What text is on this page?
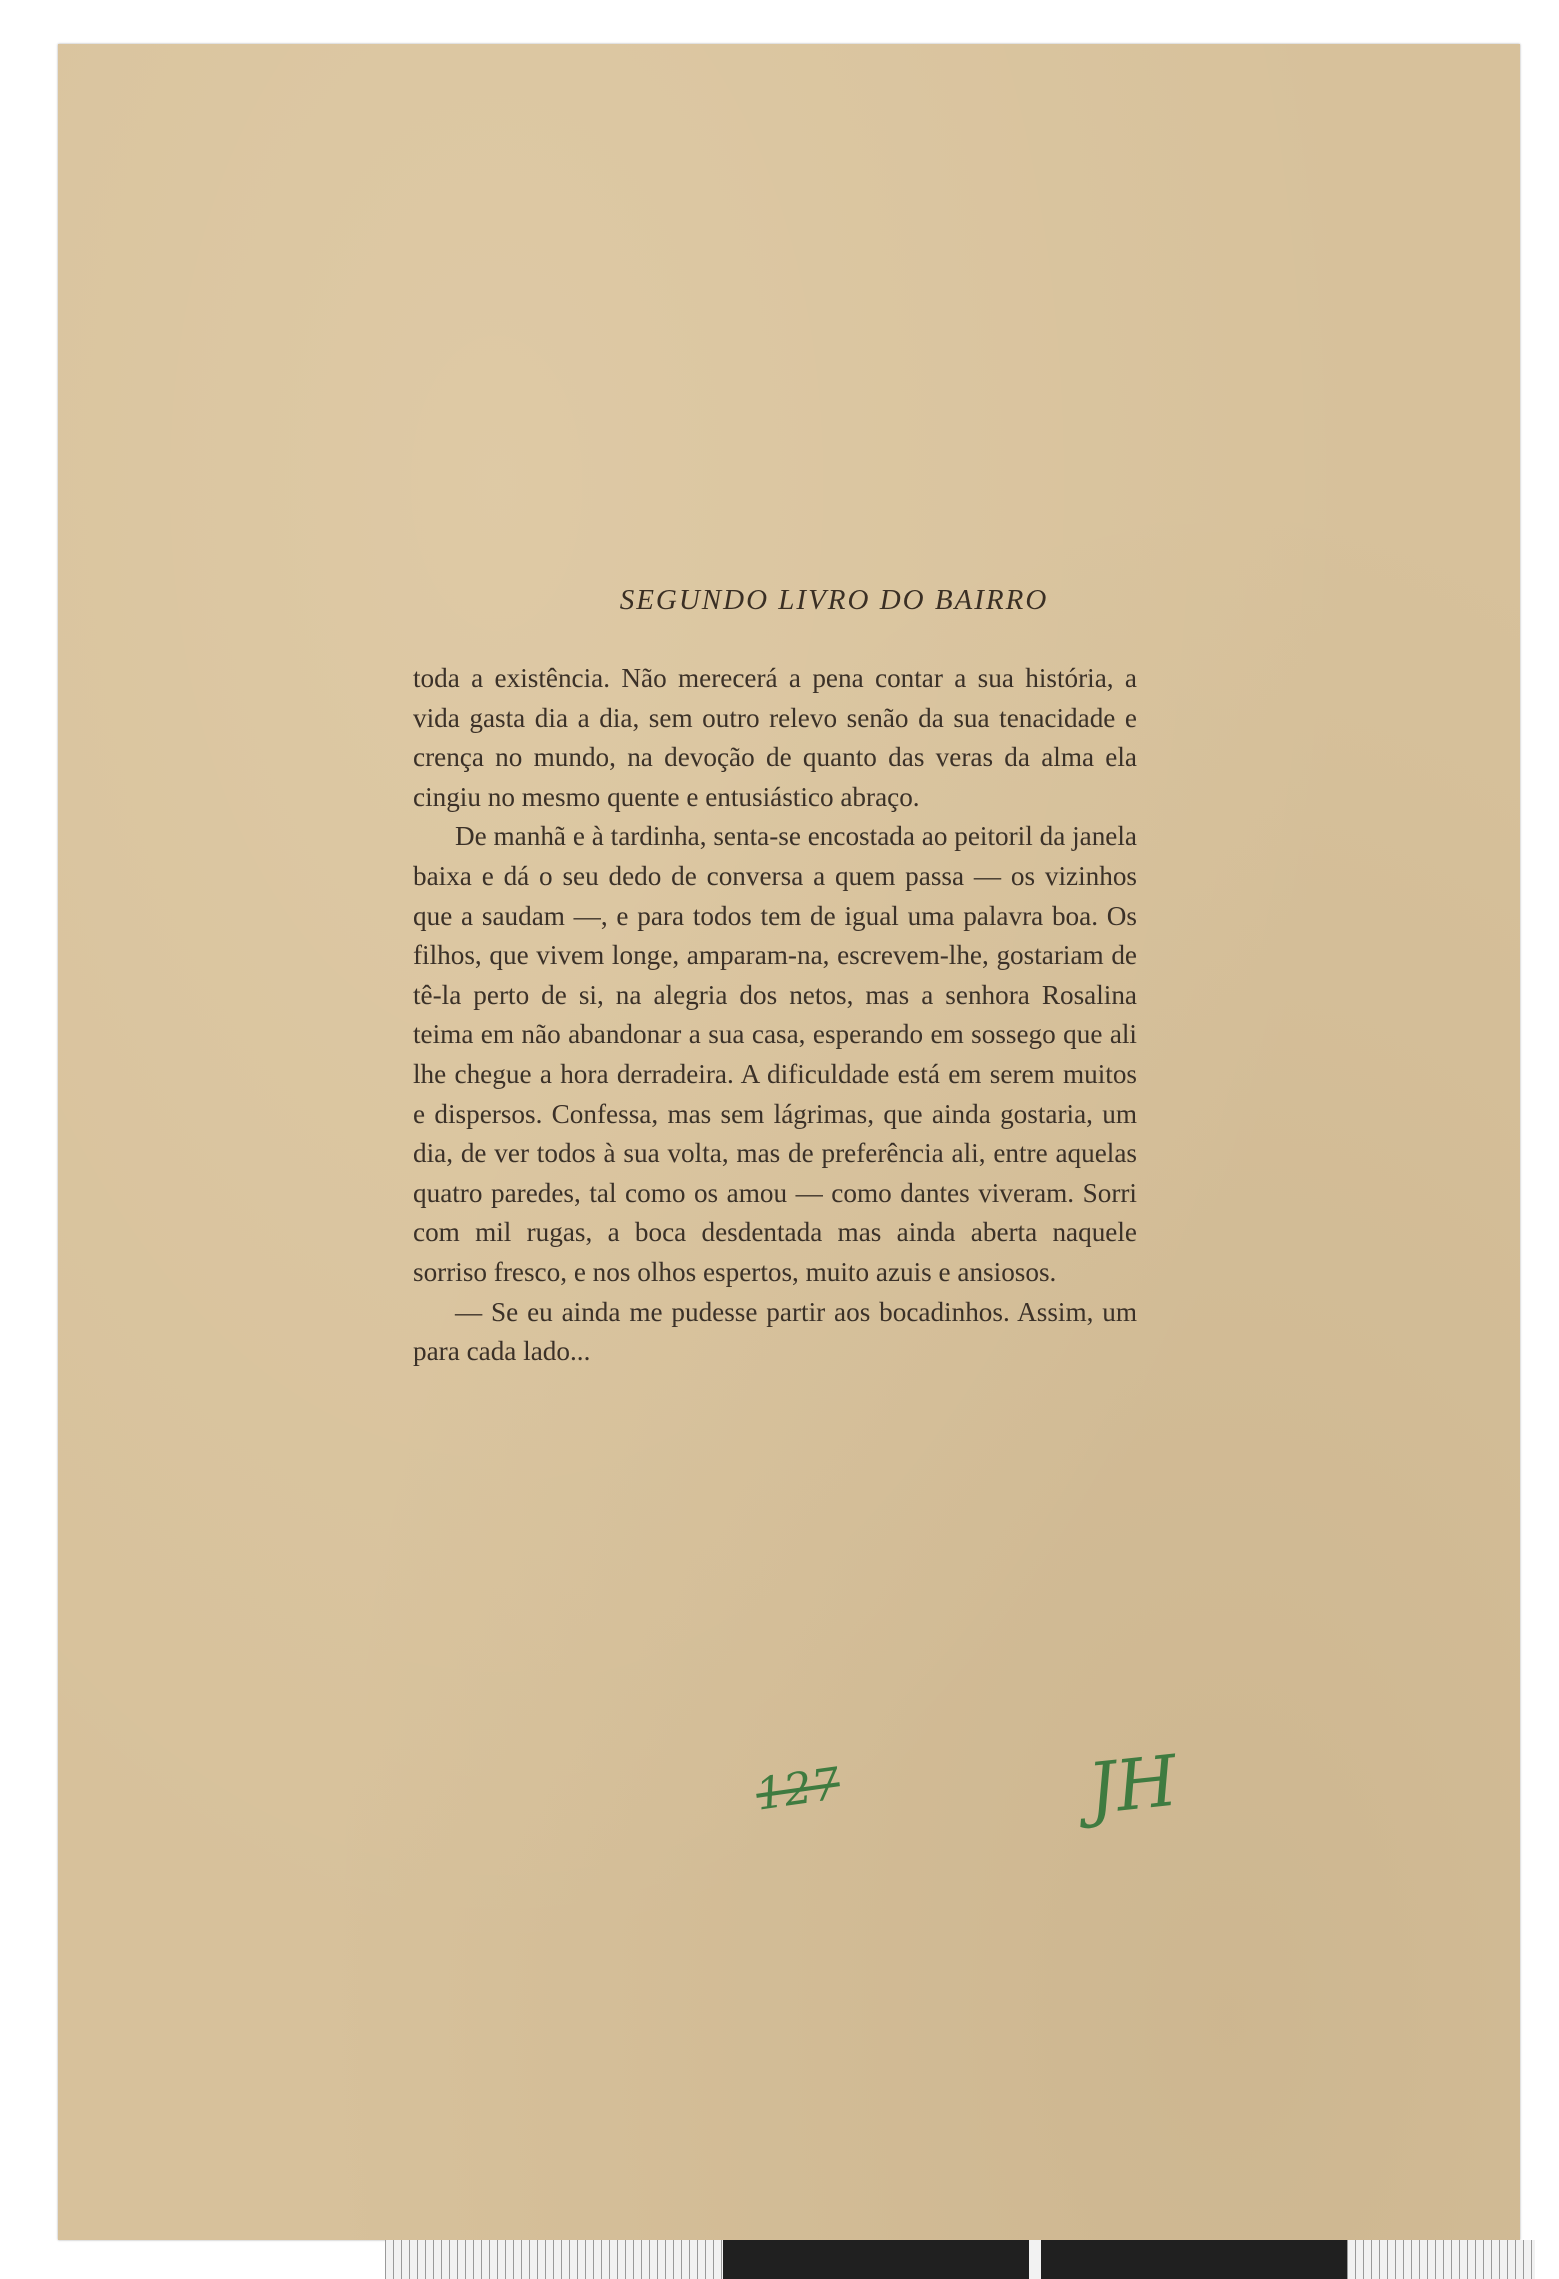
SEGUNDO LIVRO DO BAIRRO

toda a existência. Não merecerá a pena contar a sua história, a vida gasta dia a dia, sem outro relevo senão da sua tenacidade e crença no mundo, na devoção de quanto das veras da alma ela cingiu no mesmo quente e entusiástico abraço.

De manhã e à tardinha, senta-se encostada ao peitoril da janela baixa e dá o seu dedo de conversa a quem passa — os vizinhos que a saudam —, e para todos tem de igual uma palavra boa. Os filhos, que vivem longe, amparam-na, escrevem-lhe, gostariam de tê-la perto de si, na alegria dos netos, mas a senhora Rosalina teima em não abandonar a sua casa, esperando em sossego que ali lhe chegue a hora derradeira. A dificuldade está em serem muitos e dispersos. Confessa, mas sem lágrimas, que ainda gostaria, um dia, de ver todos à sua volta, mas de preferência ali, entre aquelas quatro paredes, tal como os amou — como dantes viveram. Sorri com mil rugas, a boca desdentada mas ainda aberta naquele sorriso fresco, e nos olhos espertos, muito azuis e ansiosos.

— Se eu ainda me pudesse partir aos bocadinhos. Assim, um para cada lado...

127	JH
